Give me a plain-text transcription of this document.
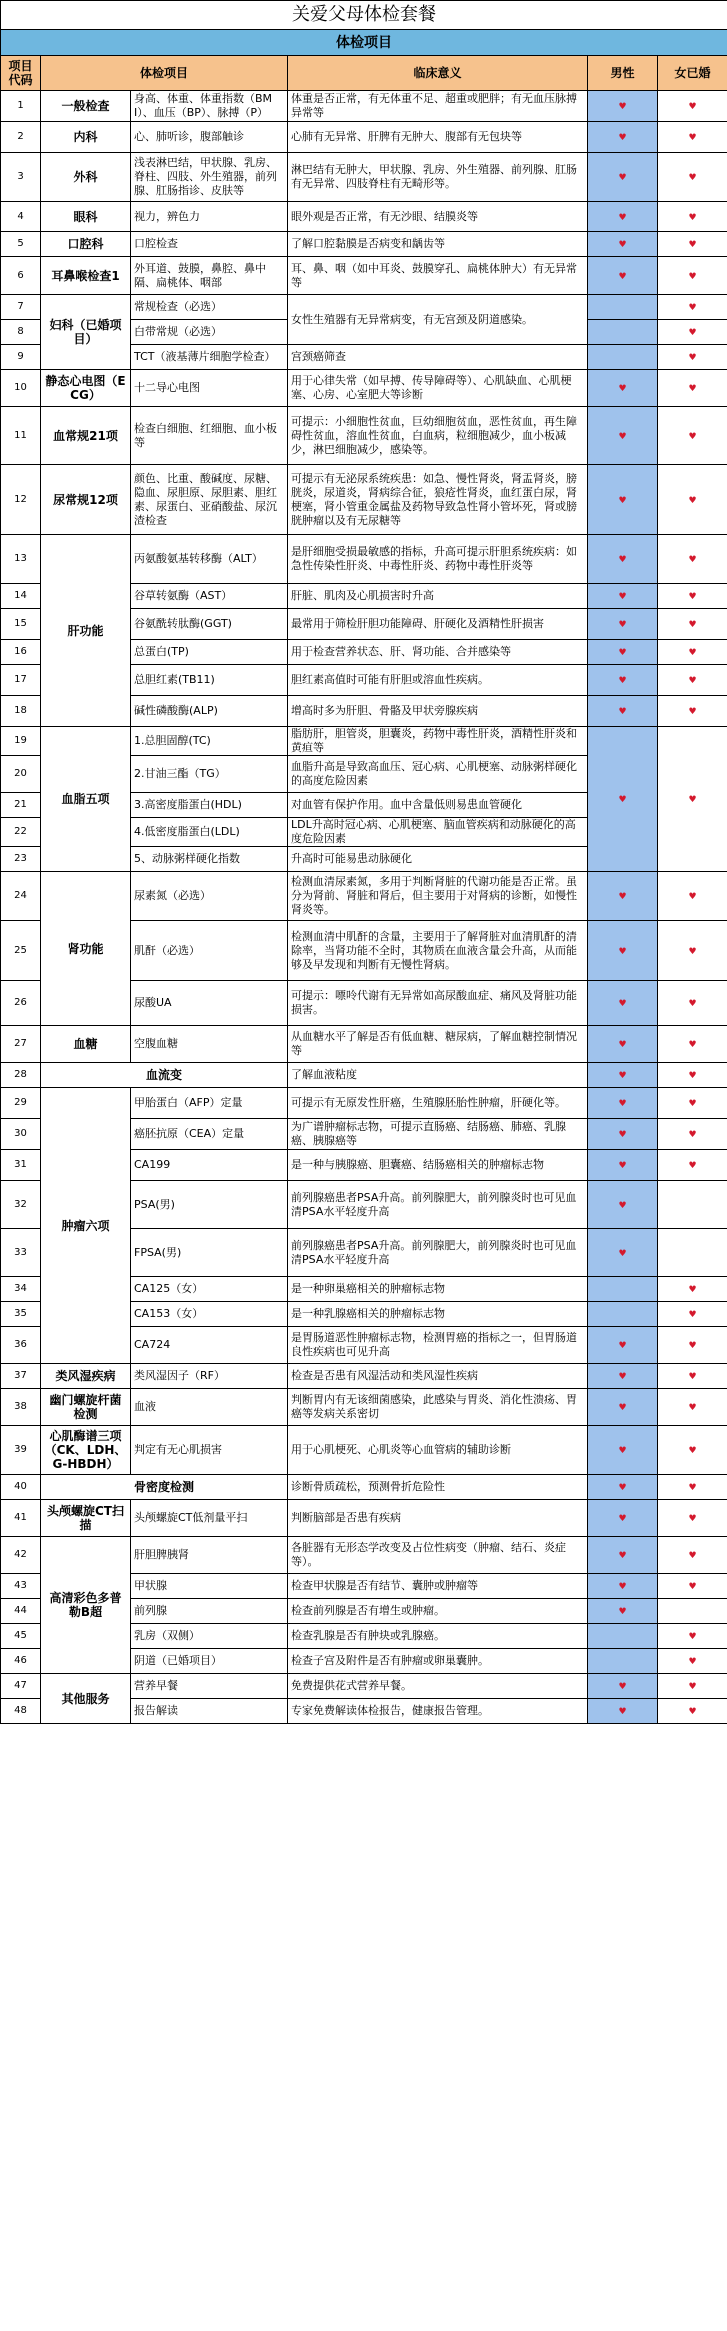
关爱父母体检套餐					
体检项目					
项目代码	体检项目		临床意义	男性	女已婚
1	一般检查	身高、体重、体重指数（BMI）、血压（BP）、脉搏（P）	体重是否正常，有无体重不足、超重或肥胖；有无血压脉搏异常等	♥	♥
2	内科	心、肺听诊，腹部触诊	心肺有无异常、肝脾有无肿大、腹部有无包块等	♥	♥
3	外科	浅表淋巴结，甲状腺、乳房、脊柱、四肢、外生殖器，前列腺、肛肠指诊、皮肤等	淋巴结有无肿大，甲状腺、乳房、外生殖器、前列腺、肛肠有无异常、四肢脊柱有无畸形等。	♥	♥
4	眼科	视力，辨色力	眼外观是否正常，有无沙眼、结膜炎等	♥	♥
5	口腔科	口腔检查	了解口腔黏膜是否病变和龋齿等	♥	♥
6	耳鼻喉检查1	外耳道、鼓膜，鼻腔、鼻中隔、扁桃体、咽部	耳、鼻、咽（如中耳炎、鼓膜穿孔、扁桃体肿大）有无异常等	♥	♥
7	妇科（已婚项目）	常规检查（必选）	女性生殖器有无异常病变，有无宫颈及阴道感染。		♥
8		白带常规（必选）			♥
9		TCT（液基薄片细胞学检查）	宫颈癌筛查		♥
10	静态心电图（ECG）	十二导心电图	用于心律失常（如早搏、传导障碍等）、心肌缺血、心肌梗塞、心房、心室肥大等诊断	♥	♥
11	血常规21项	检查白细胞、红细胞、血小板等	可提示：小细胞性贫血，巨幼细胞贫血，恶性贫血，再生障碍性贫血，溶血性贫血，白血病，粒细胞减少，血小板减少，淋巴细胞减少，感染等。	♥	♥
12	尿常规12项	颜色、比重、酸碱度、尿糖、隐血、尿胆原、尿胆素、胆红素、尿蛋白、亚硝酸盐、尿沉渣检查	可提示有无泌尿系统疾患：如急、慢性肾炎，肾盂肾炎，膀胱炎，尿道炎，肾病综合征，狼疮性肾炎，血红蛋白尿，肾梗塞，肾小管重金属盐及药物导致急性肾小管坏死，肾或膀胱肿瘤以及有无尿糖等	♥	♥
13	肝功能	丙氨酸氨基转移酶（ALT）	是肝细胞受损最敏感的指标，升高可提示肝胆系统疾病：如急性传染性肝炎、中毒性肝炎、药物中毒性肝炎等	♥	♥
14		谷草转氨酶（AST）	肝脏、肌肉及心肌损害时升高	♥	♥
15		谷氨酰转肽酶(GGT)	最常用于筛检肝胆功能障碍、肝硬化及酒精性肝损害	♥	♥
16		总蛋白(TP)	用于检查营养状态、肝、肾功能、合并感染等	♥	♥
17		总胆红素(TB11)	胆红素高值时可能有肝胆或溶血性疾病。	♥	♥
18		碱性磷酸酶(ALP)	增高时多为肝胆、骨骼及甲状旁腺疾病	♥	♥
19	血脂五项	1.总胆固醇(TC)	脂肪肝，胆管炎，胆囊炎，药物中毒性肝炎，酒精性肝炎和黄疸等	♥	♥
20		2.甘油三酯（TG）	血脂升高是导致高血压、冠心病、心肌梗塞、动脉粥样硬化的高度危险因素		
21		3.高密度脂蛋白(HDL)	对血管有保护作用。血中含量低则易患血管硬化		
22		4.低密度脂蛋白(LDL)	LDL升高时冠心病、心肌梗塞、脑血管疾病和动脉硬化的高度危险因素		
23		5、动脉粥样硬化指数	升高时可能易患动脉硬化		
24	肾功能	尿素氮（必选）	检测血清尿素氮，多用于判断肾脏的代谢功能是否正常。虽分为肾前、肾脏和肾后，但主要用于对肾病的诊断，如慢性肾炎等。	♥	♥
25		肌酐（必选）	检测血清中肌酐的含量，主要用于了解肾脏对血清肌酐的清除率，当肾功能不全时，其物质在血液含量会升高，从而能够及早发现和判断有无慢性肾病。	♥	♥
26		尿酸UA	可提示：嘌呤代谢有无异常如高尿酸血症、痛风及肾脏功能损害。	♥	♥
27	血糖	空腹血糖	从血糖水平了解是否有低血糖、糖尿病，了解血糖控制情况等	♥	♥
28	血流变		了解血液粘度	♥	♥
29	肿瘤六项	甲胎蛋白（AFP）定量	可提示有无原发性肝癌，生殖腺胚胎性肿瘤，肝硬化等。	♥	♥
30		癌胚抗原（CEA）定量	为广谱肿瘤标志物，可提示直肠癌、结肠癌、肺癌、乳腺癌、胰腺癌等	♥	♥
31		CA199	是一种与胰腺癌、胆囊癌、结肠癌相关的肿瘤标志物	♥	♥
32		PSA(男)	前列腺癌患者PSA升高。前列腺肥大，前列腺炎时也可见血清PSA水平轻度升高	♥	
33		FPSA(男)	前列腺癌患者PSA升高。前列腺肥大，前列腺炎时也可见血清PSA水平轻度升高	♥	
34		CA125（女）	是一种卵巢癌相关的肿瘤标志物		♥
35		CA153（女）	是一种乳腺癌相关的肿瘤标志物		♥
36		CA724	是胃肠道恶性肿瘤标志物，检测胃癌的指标之一，但胃肠道良性疾病也可见升高	♥	♥
37	类风湿疾病	类风湿因子（RF）	检查是否患有风湿活动和类风湿性疾病	♥	♥
38	幽门螺旋杆菌检测	血液	判断胃内有无该细菌感染，此感染与胃炎、消化性溃疡、胃癌等发病关系密切	♥	♥
39	心肌酶谱三项（CK、LDH、G-HBDH）	判定有无心肌损害	用于心肌梗死、心肌炎等心血管病的辅助诊断	♥	♥
40	骨密度检测		诊断骨质疏松，预测骨折危险性	♥	♥
41	头颅螺旋CT扫描	头颅螺旋CT低剂量平扫	判断脑部是否患有疾病	♥	♥
42	高清彩色多普勒B超	肝胆脾胰肾	各脏器有无形态学改变及占位性病变（肿瘤、结石、炎症等）。	♥	♥
43		甲状腺	检查甲状腺是否有结节、囊肿或肿瘤等	♥	♥
44		前列腺	检查前列腺是否有增生或肿瘤。	♥	
45		乳房（双侧）	检查乳腺是否有肿块或乳腺癌。		♥
46		阴道（已婚项目）	检查子宫及附件是否有肿瘤或卵巢囊肿。		♥
47	其他服务	营养早餐	免费提供花式营养早餐。	♥	♥
48		报告解读	专家免费解读体检报告，健康报告管理。	♥	♥
